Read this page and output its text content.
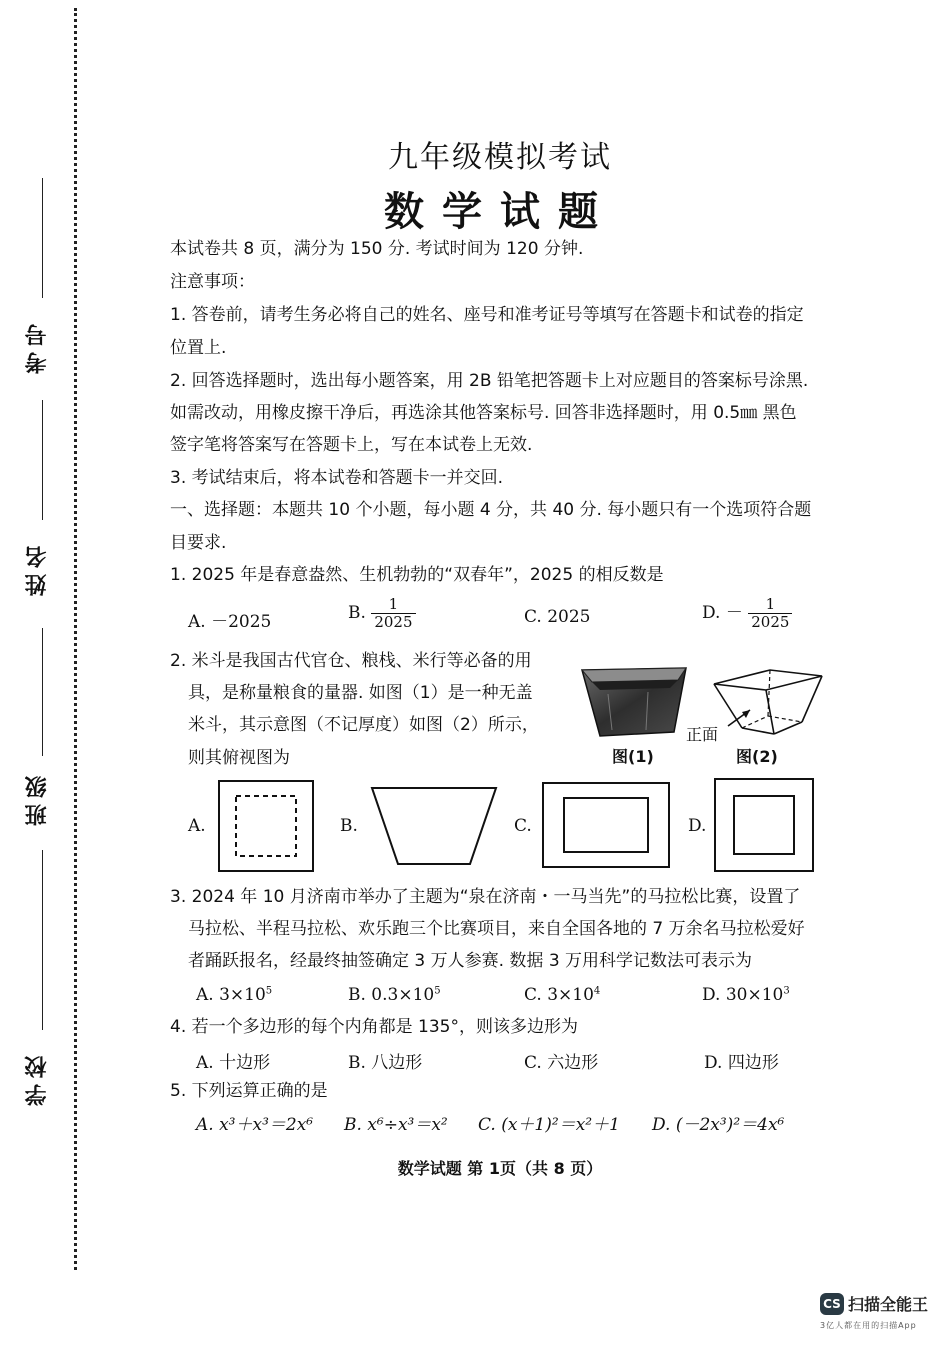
考号
姓名
班级
学校
九年级模拟考试
数学试题
本试卷共 8 页，满分为 150 分. 考试时间为 120 分钟.
注意事项：
1. 答卷前，请考生务必将自己的姓名、座号和准考证号等填写在答题卡和试卷的指定
位置上.
2. 回答选择题时，选出每小题答案，用 2B 铅笔把答题卡上对应题目的答案标号涂黑.
如需改动，用橡皮擦干净后，再选涂其他答案标号. 回答非选择题时，用 0.5㎜ 黑色
签字笔将答案写在答题卡上，写在本试卷上无效.
3. 考试结束后，将本试卷和答题卡一并交回.
一、选择题：本题共 10 个小题，每小题 4 分，共 40 分. 每小题只有一个选项符合题
目要求.
1. 2025 年是春意盎然、生机勃勃的“双春年”，2025 的相反数是
A. －2025	B. $\frac{1}{2025}$	C. 2025	D. － $\frac{1}{2025}$
2. 米斗是我国古代官仓、粮栈、米行等必备的用
具，是称量粮食的量器. 如图（1）是一种无盖
米斗，其示意图（不记厚度）如图（2）所示，
则其俯视图为	图(1)
正面
图(2)
A.	B.	C.	D.
3. 2024 年 10 月济南市举办了主题为“泉在济南・一马当先”的马拉松比赛，设置了
马拉松、半程马拉松、欢乐跑三个比赛项目，来自全国各地的 7 万余名马拉松爱好
者踊跃报名，经最终抽签确定 3 万人参赛. 数据 3 万用科学记数法可表示为
A. $3\times 10^5$	B. $0.3\times 10^5$	C. $3\times 10^4$	D. $30\times 10^3$
4. 若一个多边形的每个内角都是 135°，则该多边形为
A. 十边形	B. 八边形	C. 六边形	D. 四边形
5. 下列运算正确的是
A. x³＋x³＝2x⁶ B. x⁶÷x³＝x² C. (x＋1)²＝x²＋1 D. (－2x³)²＝4x⁶
数学试题 第 1页（共 8 页）
CS 扫描全能王
3亿人都在用的扫描App
